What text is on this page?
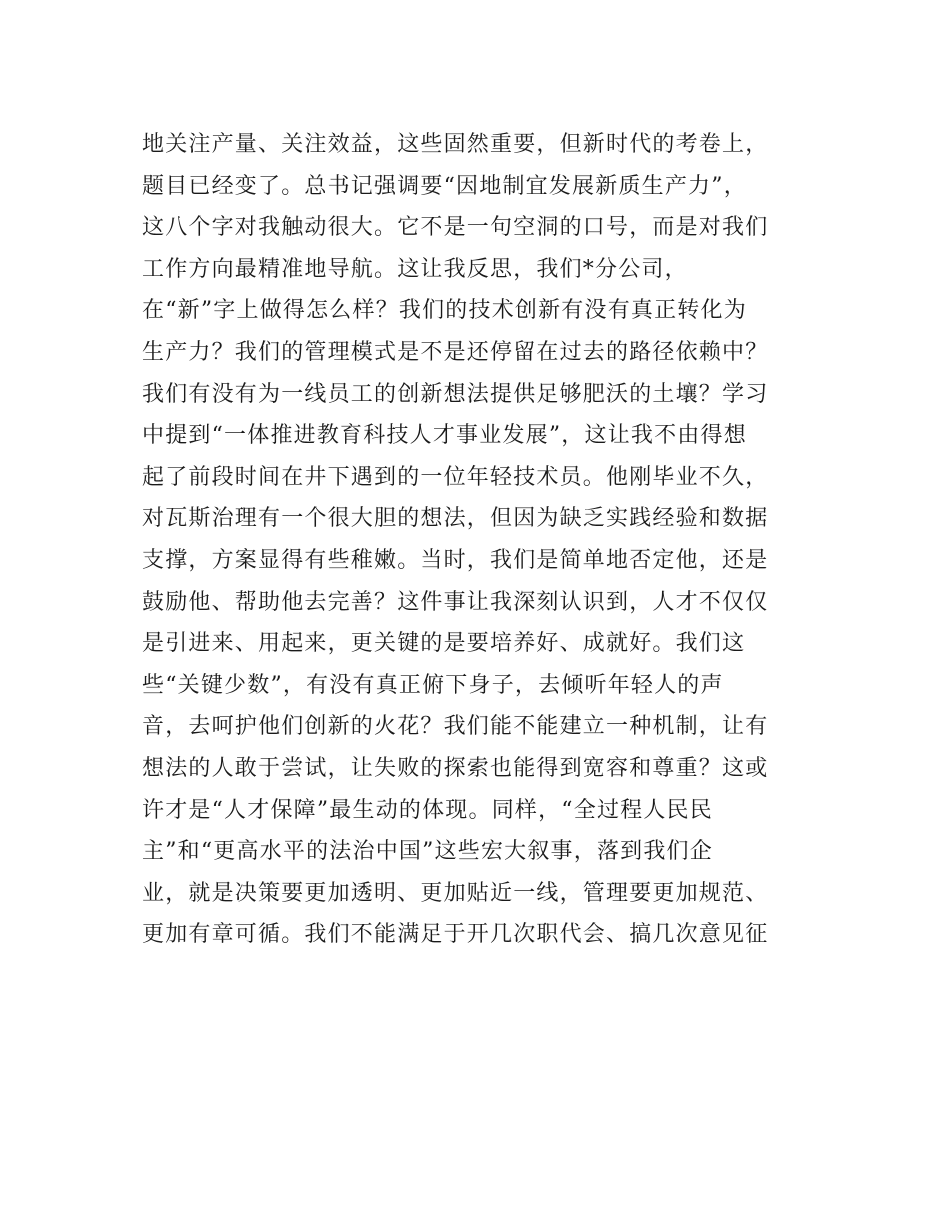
地关注产量、关注效益，这些固然重要，但新时代的考卷上，
题目已经变了。总书记强调要“因地制宜发展新质生产力”，
这八个字对我触动很大。它不是一句空洞的口号，而是对我们
工作方向最精准地导航。这让我反思，我们*分公司，
在“新”字上做得怎么样？我们的技术创新有没有真正转化为
生产力？我们的管理模式是不是还停留在过去的路径依赖中？
我们有没有为一线员工的创新想法提供足够肥沃的土壤？学习
中提到“一体推进教育科技人才事业发展”，这让我不由得想
起了前段时间在井下遇到的一位年轻技术员。他刚毕业不久，
对瓦斯治理有一个很大胆的想法，但因为缺乏实践经验和数据
支撑，方案显得有些稚嫩。当时，我们是简单地否定他，还是
鼓励他、帮助他去完善？这件事让我深刻认识到，人才不仅仅
是引进来、用起来，更关键的是要培养好、成就好。我们这
些“关键少数”，有没有真正俯下身子，去倾听年轻人的声
音，去呵护他们创新的火花？我们能不能建立一种机制，让有
想法的人敢于尝试，让失败的探索也能得到宽容和尊重？这或
许才是“人才保障”最生动的体现。同样，“全过程人民民
主”和“更高水平的法治中国”这些宏大叙事，落到我们企
业，就是决策要更加透明、更加贴近一线，管理要更加规范、
更加有章可循。我们不能满足于开几次职代会、搞几次意见征
